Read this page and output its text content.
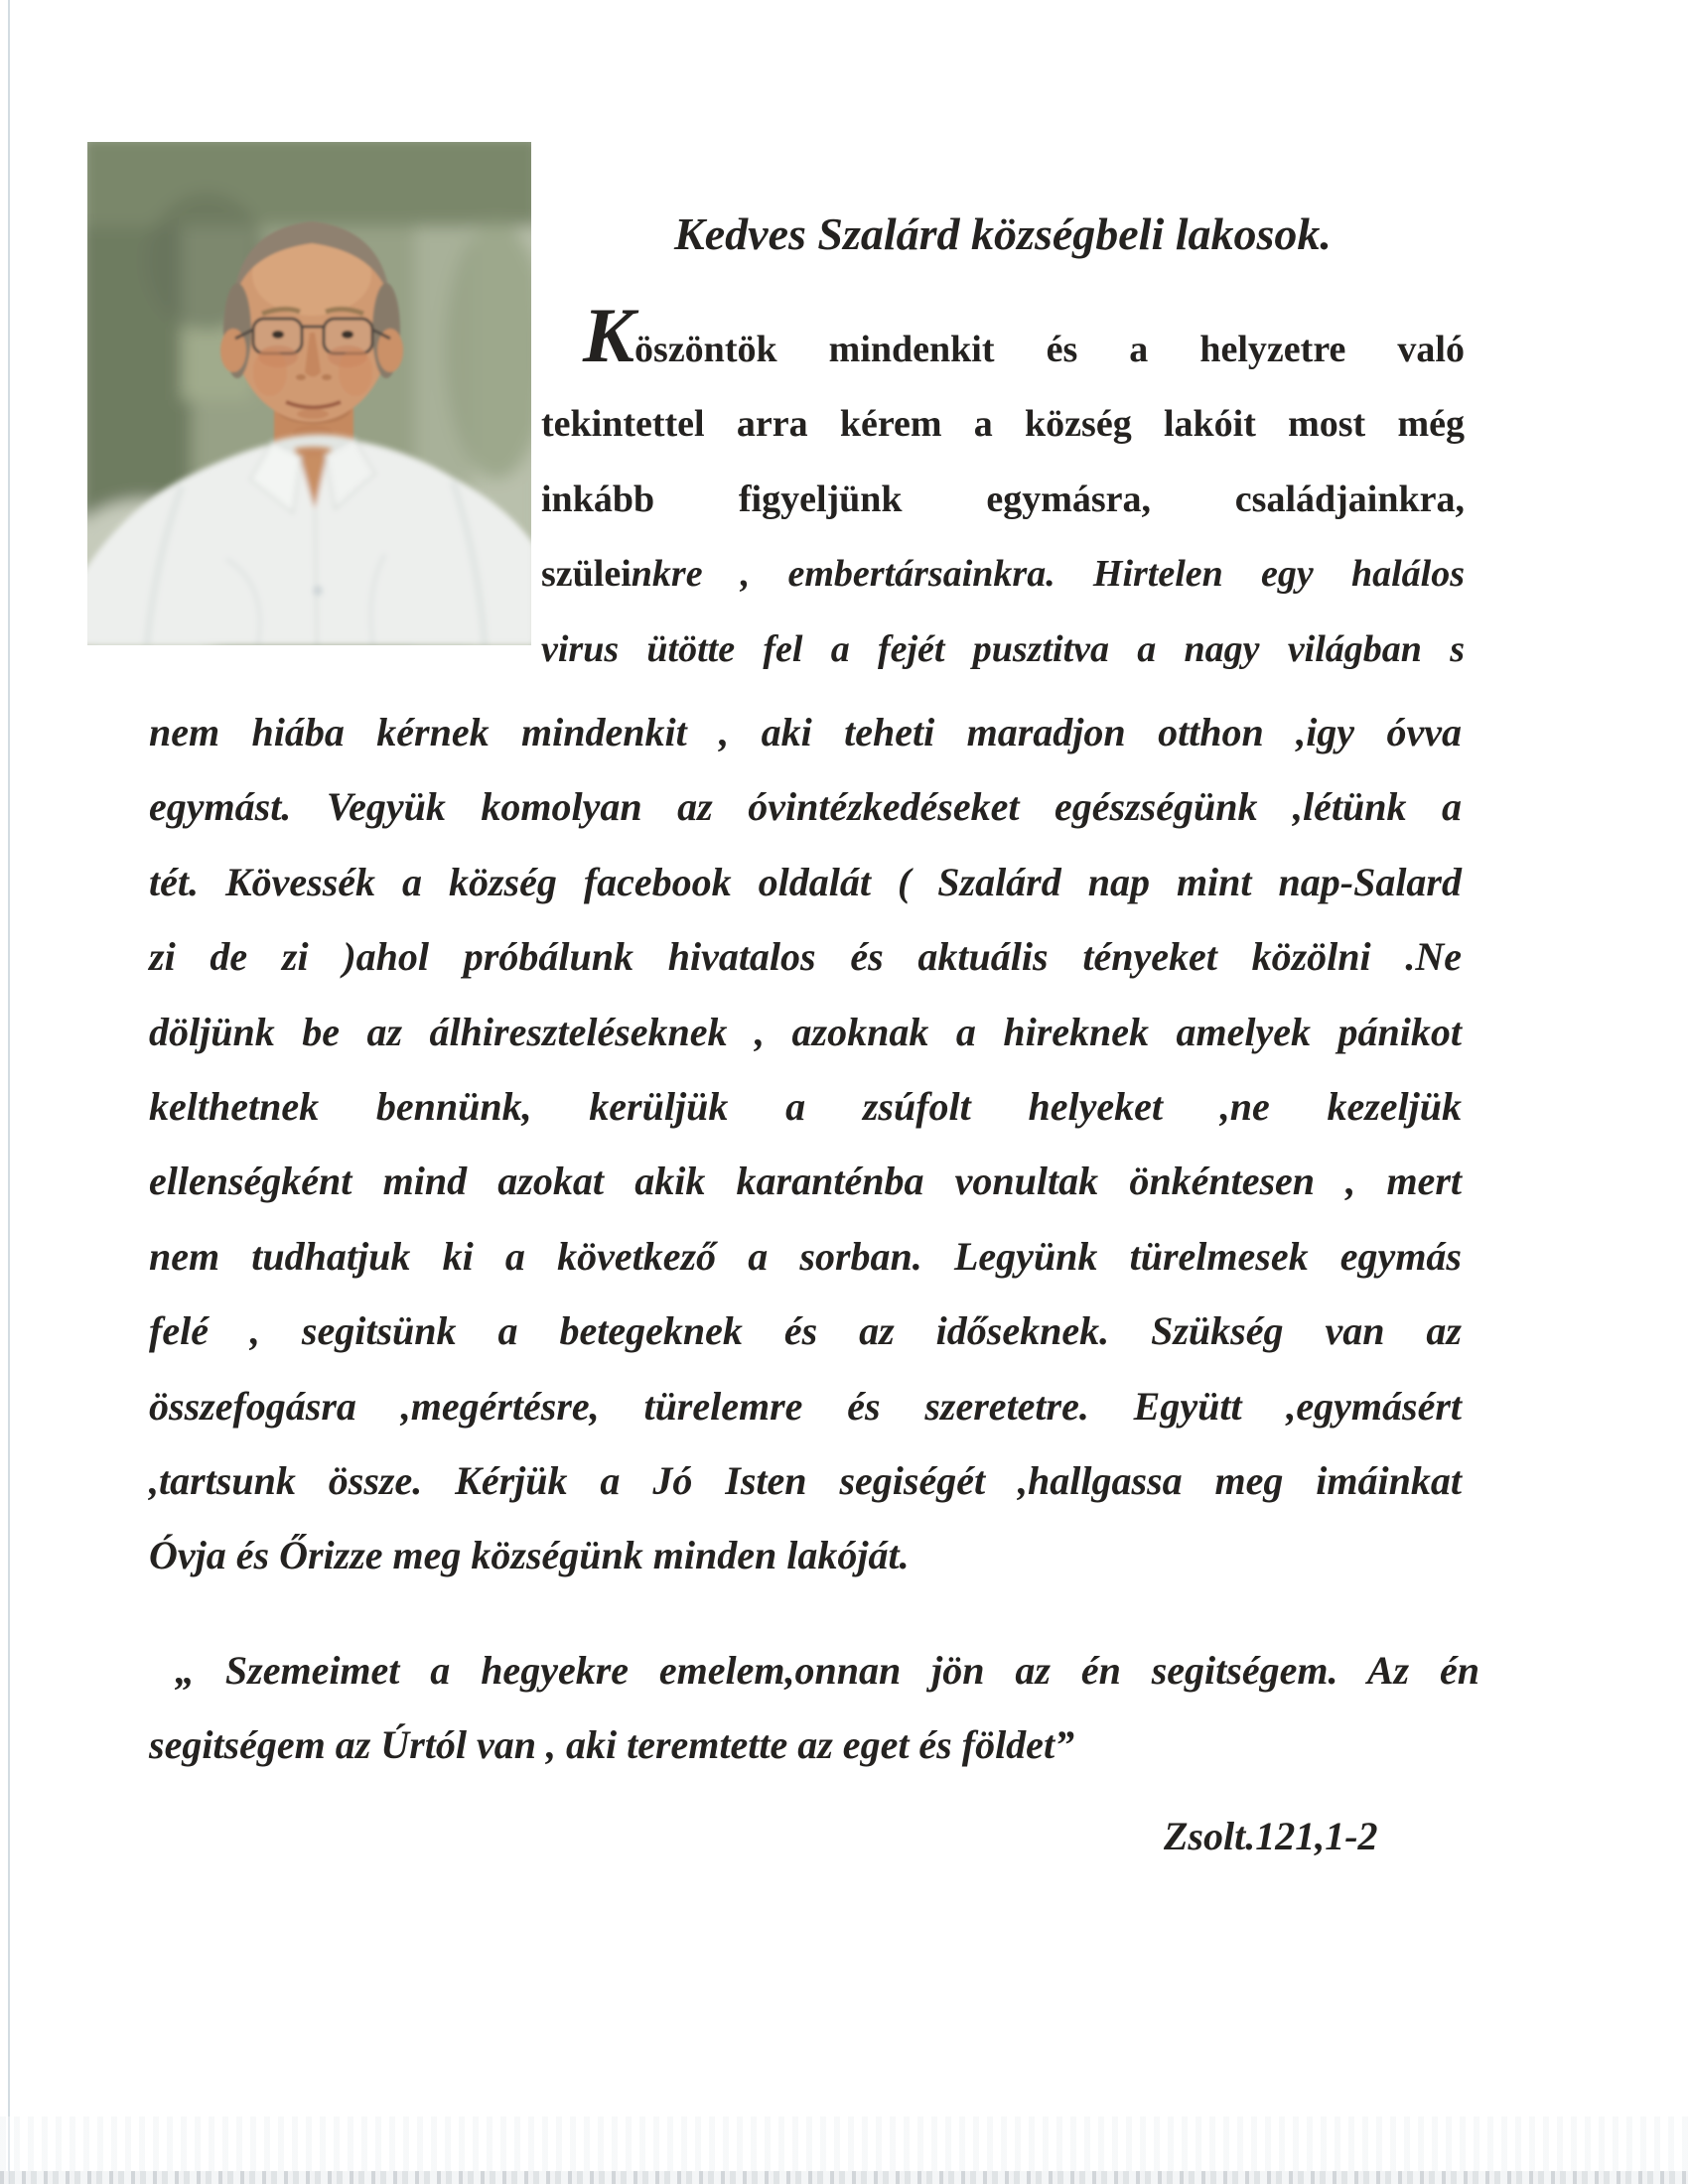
Kedves Szalárd községbeli lakosok.
Köszöntök mindenkit és a helyzetre való
tekintettel arra kérem a község lakóit most még
inkább figyeljünk egymásra, családjainkra,
szüleinkre , embertársainkra. Hirtelen egy halálos
virus ütötte fel a fejét pusztitva a nagy világban s
nem hiába kérnek mindenkit , aki teheti maradjon otthon ,igy óvva
egymást. Vegyük komolyan az óvintézkedéseket egészségünk ,létünk a
tét. Kövessék a község facebook oldalát ( Szalárd nap mint nap-Salard
zi de zi )ahol próbálunk hivatalos és aktuális tényeket közölni .Ne
döljünk be az álhireszteléseknek , azoknak a hireknek amelyek pánikot
kelthetnek bennünk, kerüljük a zsúfolt helyeket ,ne kezeljük
ellenségként mind azokat akik karanténba vonultak önkéntesen , mert
nem tudhatjuk ki a következő a sorban. Legyünk türelmesek egymás
felé , segitsünk a betegeknek és az időseknek. Szükség van az
összefogásra ,megértésre, türelemre és szeretetre. Együtt ,egymásért
,tartsunk össze. Kérjük a Jó Isten segiségét ,hallgassa meg imáinkat
Óvja és Őrizze meg községünk minden lakóját.
„ Szemeimet a hegyekre emelem,onnan jön az én segitségem. Az én
segitségem az Úrtól van , aki teremtette az eget és földet”
Zsolt.121,1-2
